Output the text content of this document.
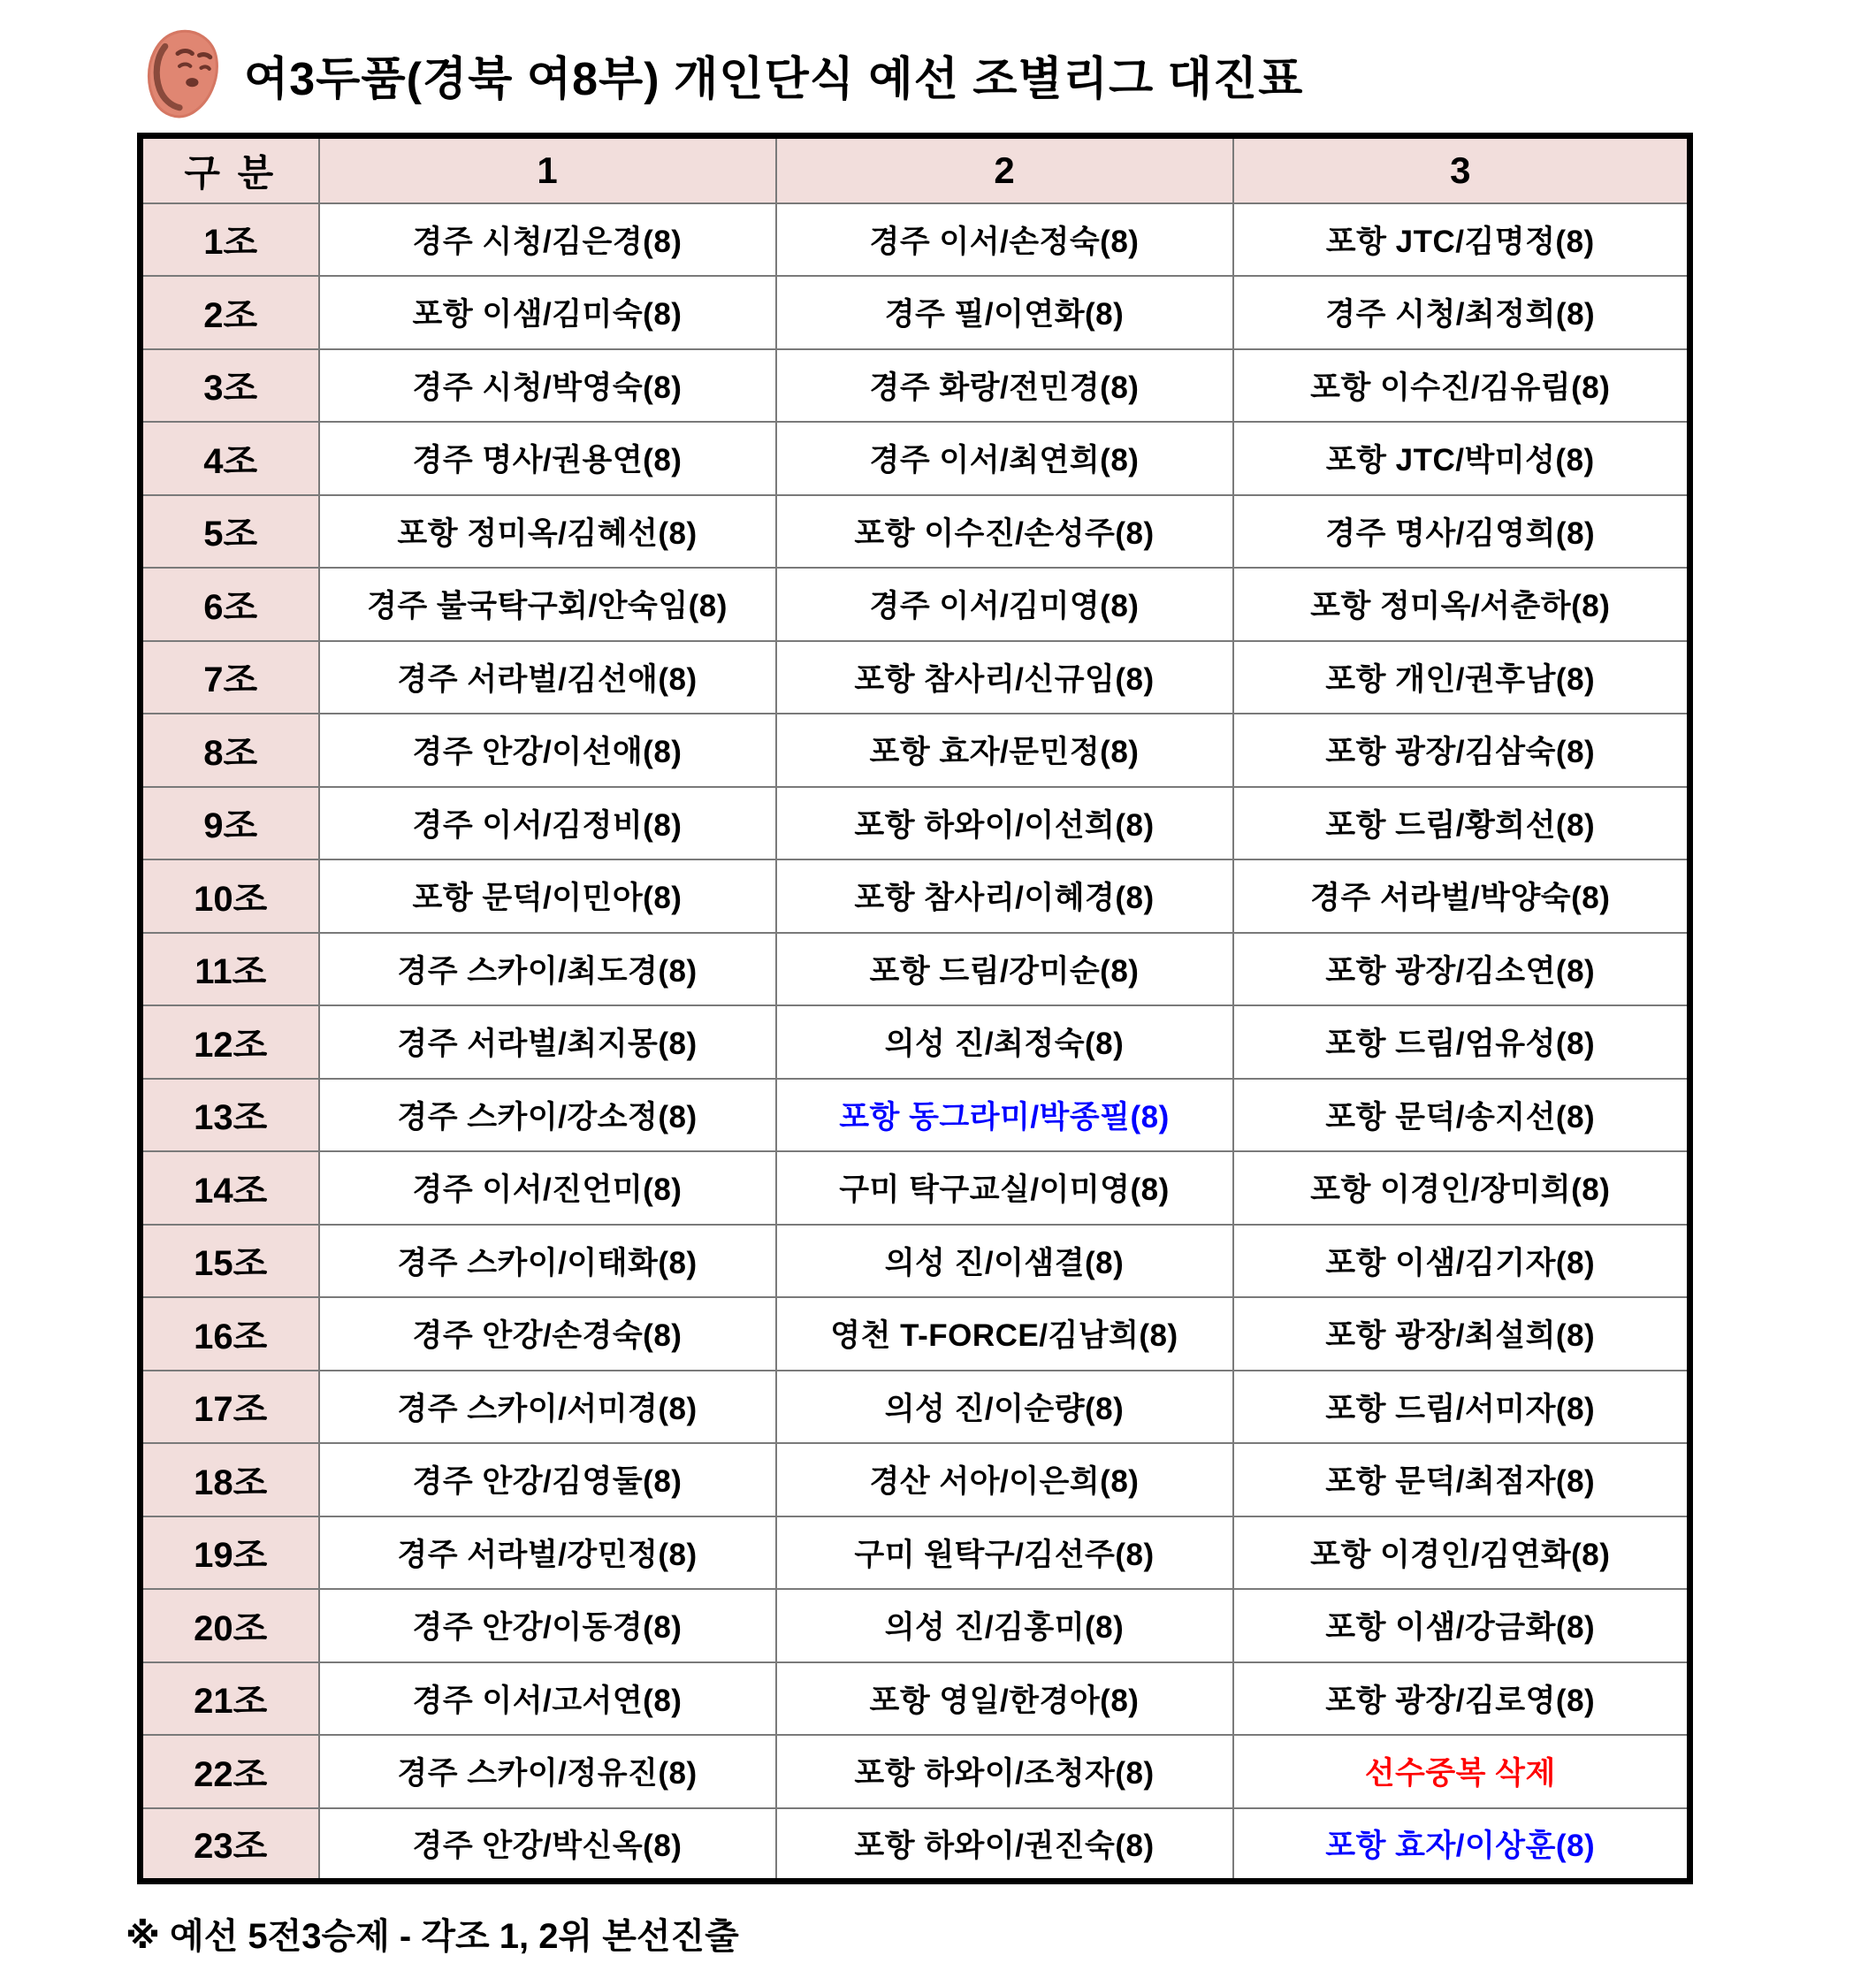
여3두품(경북 여8부) 개인단식 예선 조별리그 대진표
구 분	1	2	3
1조	경주 시청/김은경(8)	경주 이서/손정숙(8)	포항 JTC/김명정(8)
2조	포항 이샘/김미숙(8)	경주 필/이연화(8)	경주 시청/최정희(8)
3조	경주 시청/박영숙(8)	경주 화랑/전민경(8)	포항 이수진/김유림(8)
4조	경주 명사/권용연(8)	경주 이서/최연희(8)	포항 JTC/박미성(8)
5조	포항 정미옥/김혜선(8)	포항 이수진/손성주(8)	경주 명사/김영희(8)
6조	경주 불국탁구회/안숙임(8)	경주 이서/김미영(8)	포항 정미옥/서춘하(8)
7조	경주 서라벌/김선애(8)	포항 참사리/신규임(8)	포항 개인/권후남(8)
8조	경주 안강/이선애(8)	포항 효자/문민정(8)	포항 광장/김삼숙(8)
9조	경주 이서/김정비(8)	포항 하와이/이선희(8)	포항 드림/황희선(8)
10조	포항 문덕/이민아(8)	포항 참사리/이혜경(8)	경주 서라벌/박양숙(8)
11조	경주 스카이/최도경(8)	포항 드림/강미순(8)	포항 광장/김소연(8)
12조	경주 서라벌/최지몽(8)	의성 진/최정숙(8)	포항 드림/엄유성(8)
13조	경주 스카이/강소정(8)	포항 동그라미/박종필(8)	포항 문덕/송지선(8)
14조	경주 이서/진언미(8)	구미 탁구교실/이미영(8)	포항 이경인/장미희(8)
15조	경주 스카이/이태화(8)	의성 진/이샘결(8)	포항 이샘/김기자(8)
16조	경주 안강/손경숙(8)	영천 T-FORCE/김남희(8)	포항 광장/최설희(8)
17조	경주 스카이/서미경(8)	의성 진/이순량(8)	포항 드림/서미자(8)
18조	경주 안강/김영둘(8)	경산 서아/이은희(8)	포항 문덕/최점자(8)
19조	경주 서라벌/강민정(8)	구미 원탁구/김선주(8)	포항 이경인/김연화(8)
20조	경주 안강/이동경(8)	의성 진/김홍미(8)	포항 이샘/강금화(8)
21조	경주 이서/고서연(8)	포항 영일/한경아(8)	포항 광장/김로영(8)
22조	경주 스카이/정유진(8)	포항 하와이/조청자(8)	선수중복 삭제
23조	경주 안강/박신옥(8)	포항 하와이/권진숙(8)	포항 효자/이상훈(8)
※ 예선 5전3승제 - 각조 1, 2위 본선진출
